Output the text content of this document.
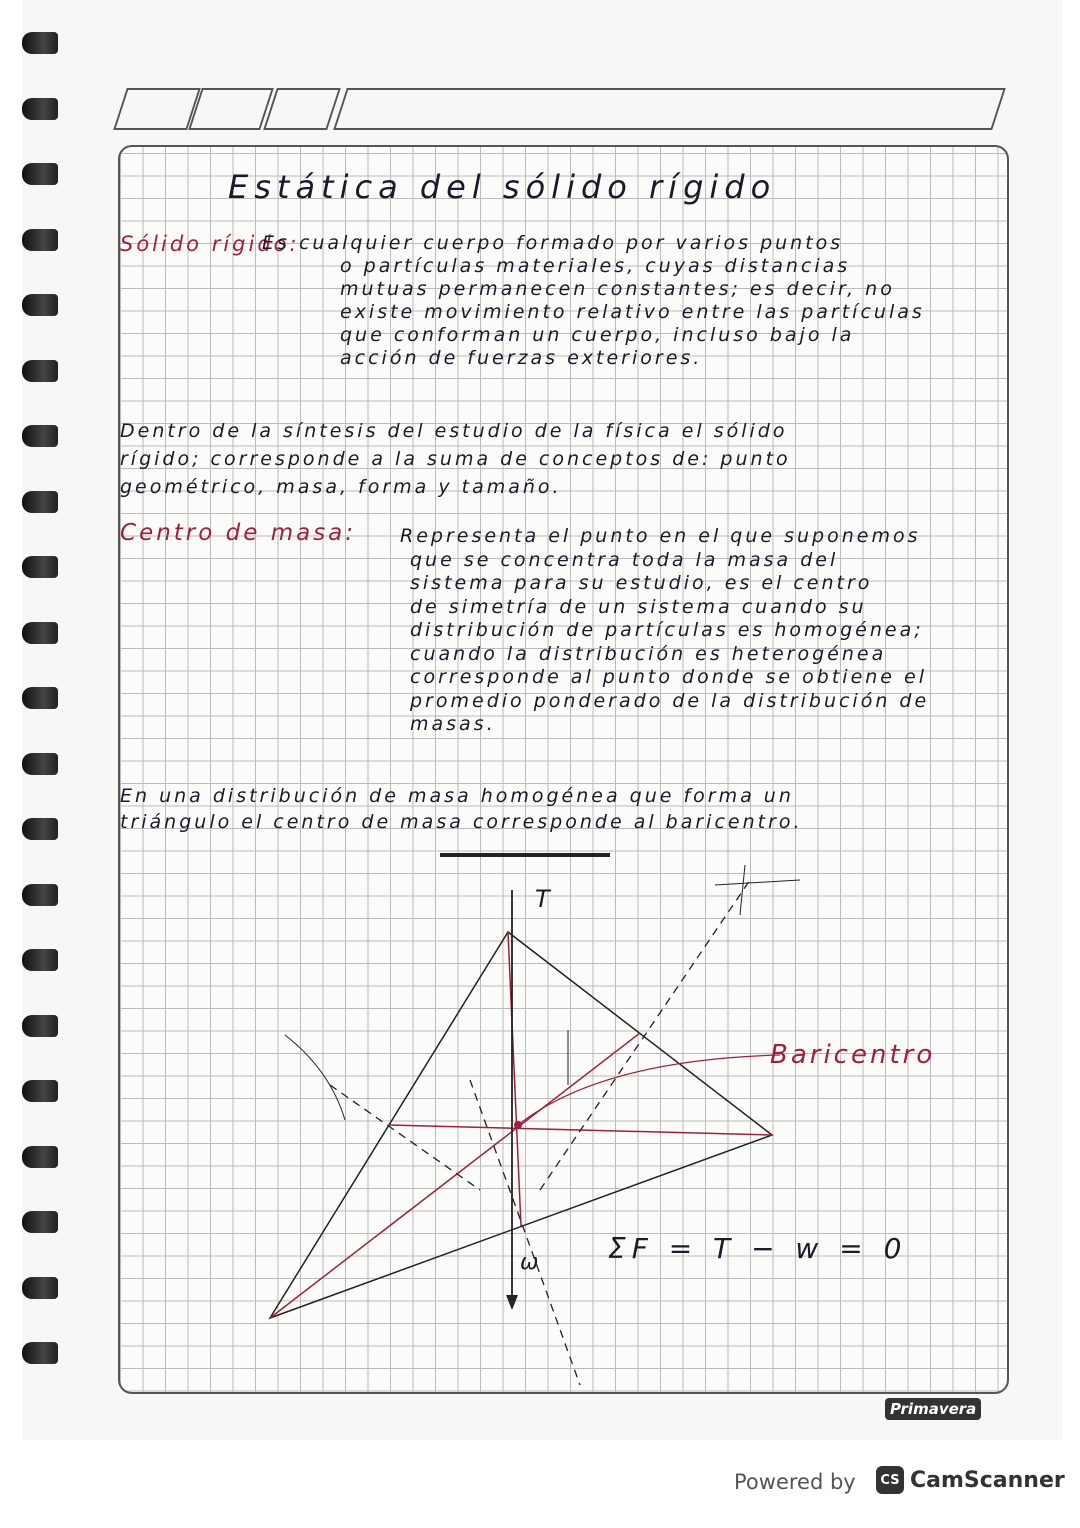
Estática del sólido rígido
Sólido rígido:
Es cualquier cuerpo formado por varios puntos
o partículas materiales, cuyas distancias
mutuas permanecen constantes; es decir, no
existe movimiento relativo entre las partículas
que conforman un cuerpo, incluso bajo la
acción de fuerzas exteriores.
Dentro de la síntesis del estudio de la física el sólido
rígido; corresponde a la suma de conceptos de: punto
geométrico, masa, forma y tamaño.
Centro de masa: Representa el punto en el que suponemos
que se concentra toda la masa del
sistema para su estudio, es el centro
de simetría de un sistema cuando su
distribución de partículas es homogénea;
cuando la distribución es heterogénea
corresponde al punto donde se obtiene el
promedio ponderado de la distribución de
masas.
En una distribución de masa homogénea que forma un
triángulo el centro de masa corresponde al baricentro.
T
ω
Baricentro
ΣF = T − w = 0
Primavera
Powered by	CS CamScanner
